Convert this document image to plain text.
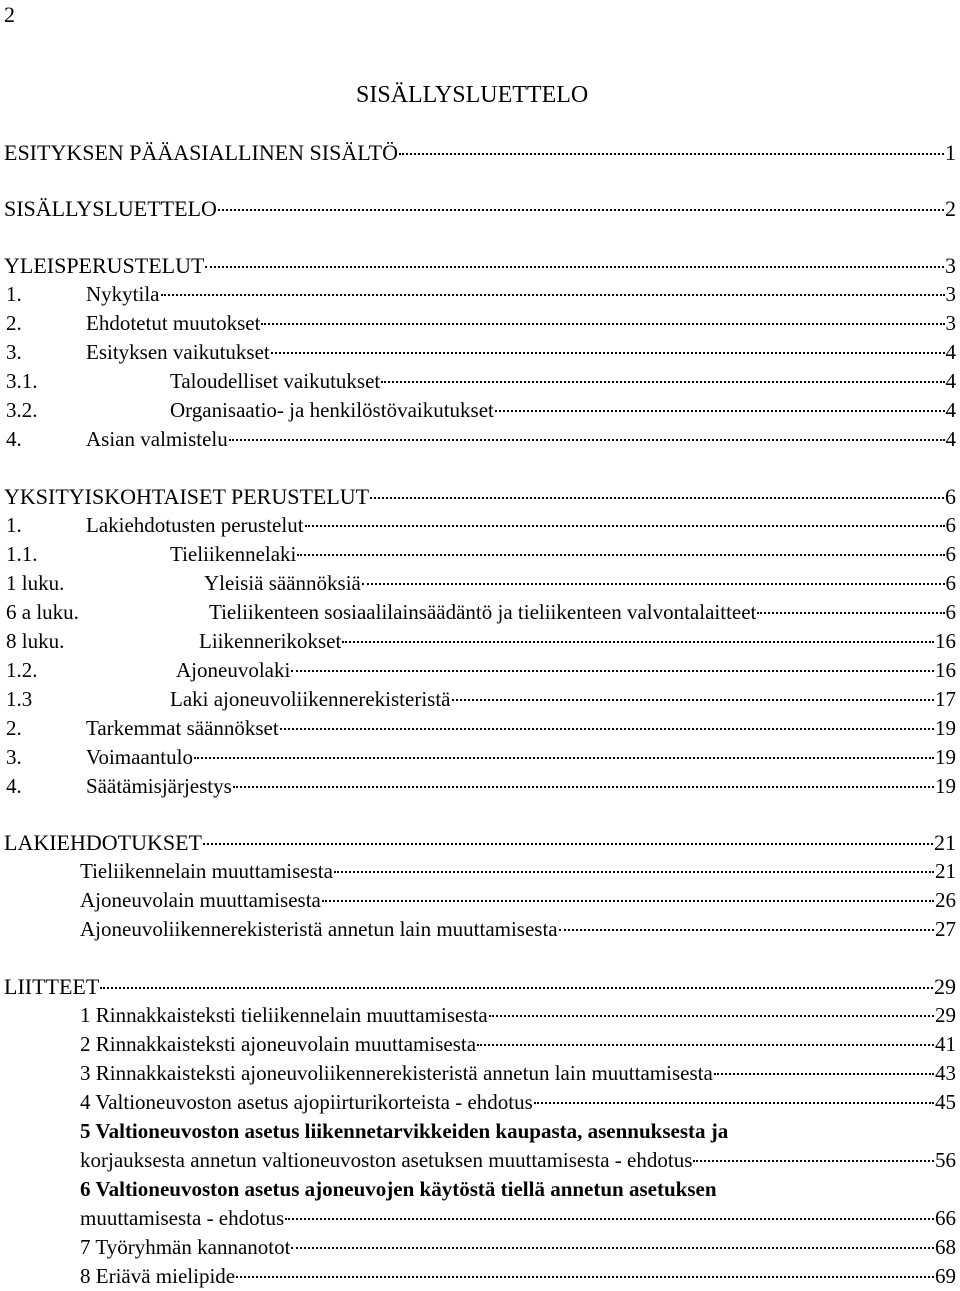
2
SISÄLLYSLUETTELO
ESITYKSEN PÄÄASIALLINEN SISÄLTÖ	1
SISÄLLYSLUETTELO	2
YLEISPERUSTELUT	3
1.	Nykytila	3
2.	Ehdotetut muutokset	3
3.	Esityksen vaikutukset	4
3.1.	Taloudelliset vaikutukset	4
3.2.	Organisaatio- ja henkilöstövaikutukset	4
4.	Asian valmistelu	4
YKSITYISKOHTAISET PERUSTELUT	6
1.	Lakiehdotusten perustelut	6
1.1.	Tieliikennelaki	6
1 luku.	Yleisiä säännöksiä	6
6 a luku.	Tieliikenteen sosiaalilainsäädäntö ja tieliikenteen valvontalaitteet	6
8 luku.	Liikennerikokset	16
1.2.	Ajoneuvolaki	16
1.3	Laki ajoneuvoliikennerekisteristä	17
2.	Tarkemmat säännökset	19
3.	Voimaantulo	19
4.	Säätämisjärjestys	19
LAKIEHDOTUKSET	21
Tieliikennelain muuttamisesta	21
Ajoneuvolain muuttamisesta	26
Ajoneuvoliikennerekisteristä annetun lain muuttamisesta	27
LIITTEET	29
1 Rinnakkaisteksti tieliikennelain muuttamisesta	29
2 Rinnakkaisteksti ajoneuvolain muuttamisesta	41
3 Rinnakkaisteksti ajoneuvoliikennerekisteristä annetun lain muuttamisesta	43
4 Valtioneuvoston asetus ajopiirturikorteista - ehdotus	45
5 Valtioneuvoston asetus liikennetarvikkeiden kaupasta, asennuksesta ja
korjauksesta annetun valtioneuvoston asetuksen muuttamisesta - ehdotus	56
6 Valtioneuvoston asetus ajoneuvojen käytöstä tiellä annetun asetuksen
muuttamisesta - ehdotus	66
7 Työryhmän kannanotot	68
8 Eriävä mielipide	69
